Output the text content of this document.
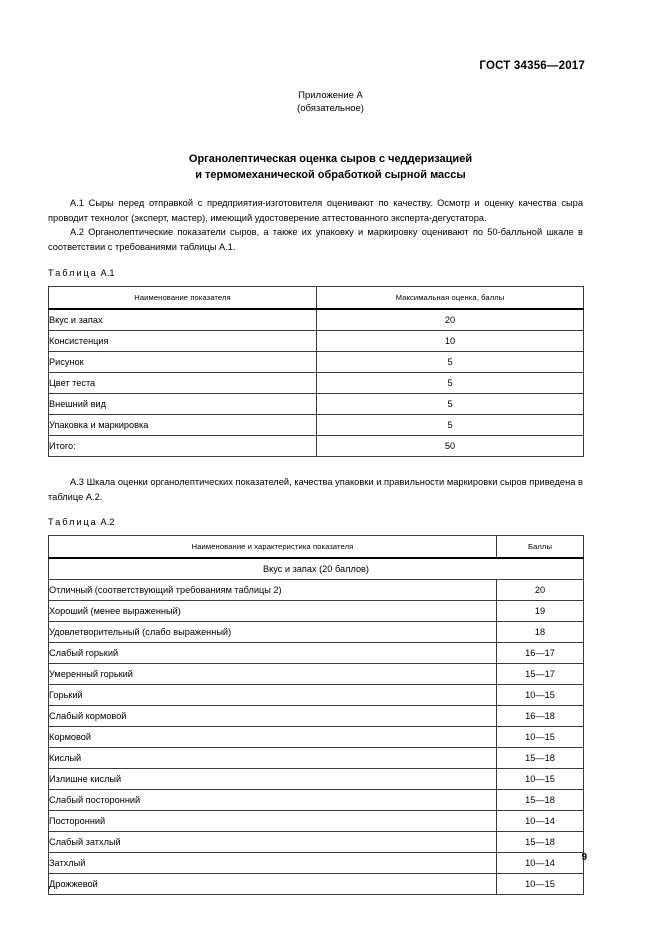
ГОСТ 34356—2017
Приложение А
(обязательное)
Органолептическая оценка сыров с чеддеризацией
и термомеханической обработкой сырной массы

А.1 Сыры перед отправкой с предприятия-изготовителя оценивают по качеству. Осмотр и оценку качества сыра проводит технолог (эксперт, мастер), имеющий удостоверение аттестованного эксперта-дегустатора.

А.2 Органолептические показатели сыров, а также их упаковку и маркировку оценивают по 50-балльной шкале в соответствии с требованиями таблицы А.1.

Таблица А.1
Наименование показателя	Максимальная оценка, баллы
Вкус и запах	20
Консистенция	10
Рисунок	5
Цвет теста	5
Внешний вид	5
Упаковка и маркировка	5
Итого:	50

А.3 Шкала оценки органолептических показателей, качества упаковки и правильности маркировки сыров приведена в таблице А.2.

Таблица А.2
Наименование и характеристика показателя	Баллы
Вкус и запах (20 баллов)	
Отличный (соответствующий требованиям таблицы 2)	20
Хороший (менее выраженный)	19
Удовлетворительный (слабо выраженный)	18
Слабый горький	16—17
Умеренный горький	15—17
Горький	10—15
Слабый кормовой	16—18
Кормовой	10—15
Кислый	15—18
Излишне кислый	10—15
Слабый посторонний	15—18
Посторонний	10—14
Слабый затхлый	15—18
Затхлый	10—14
Дрожжевой	10—15
9
